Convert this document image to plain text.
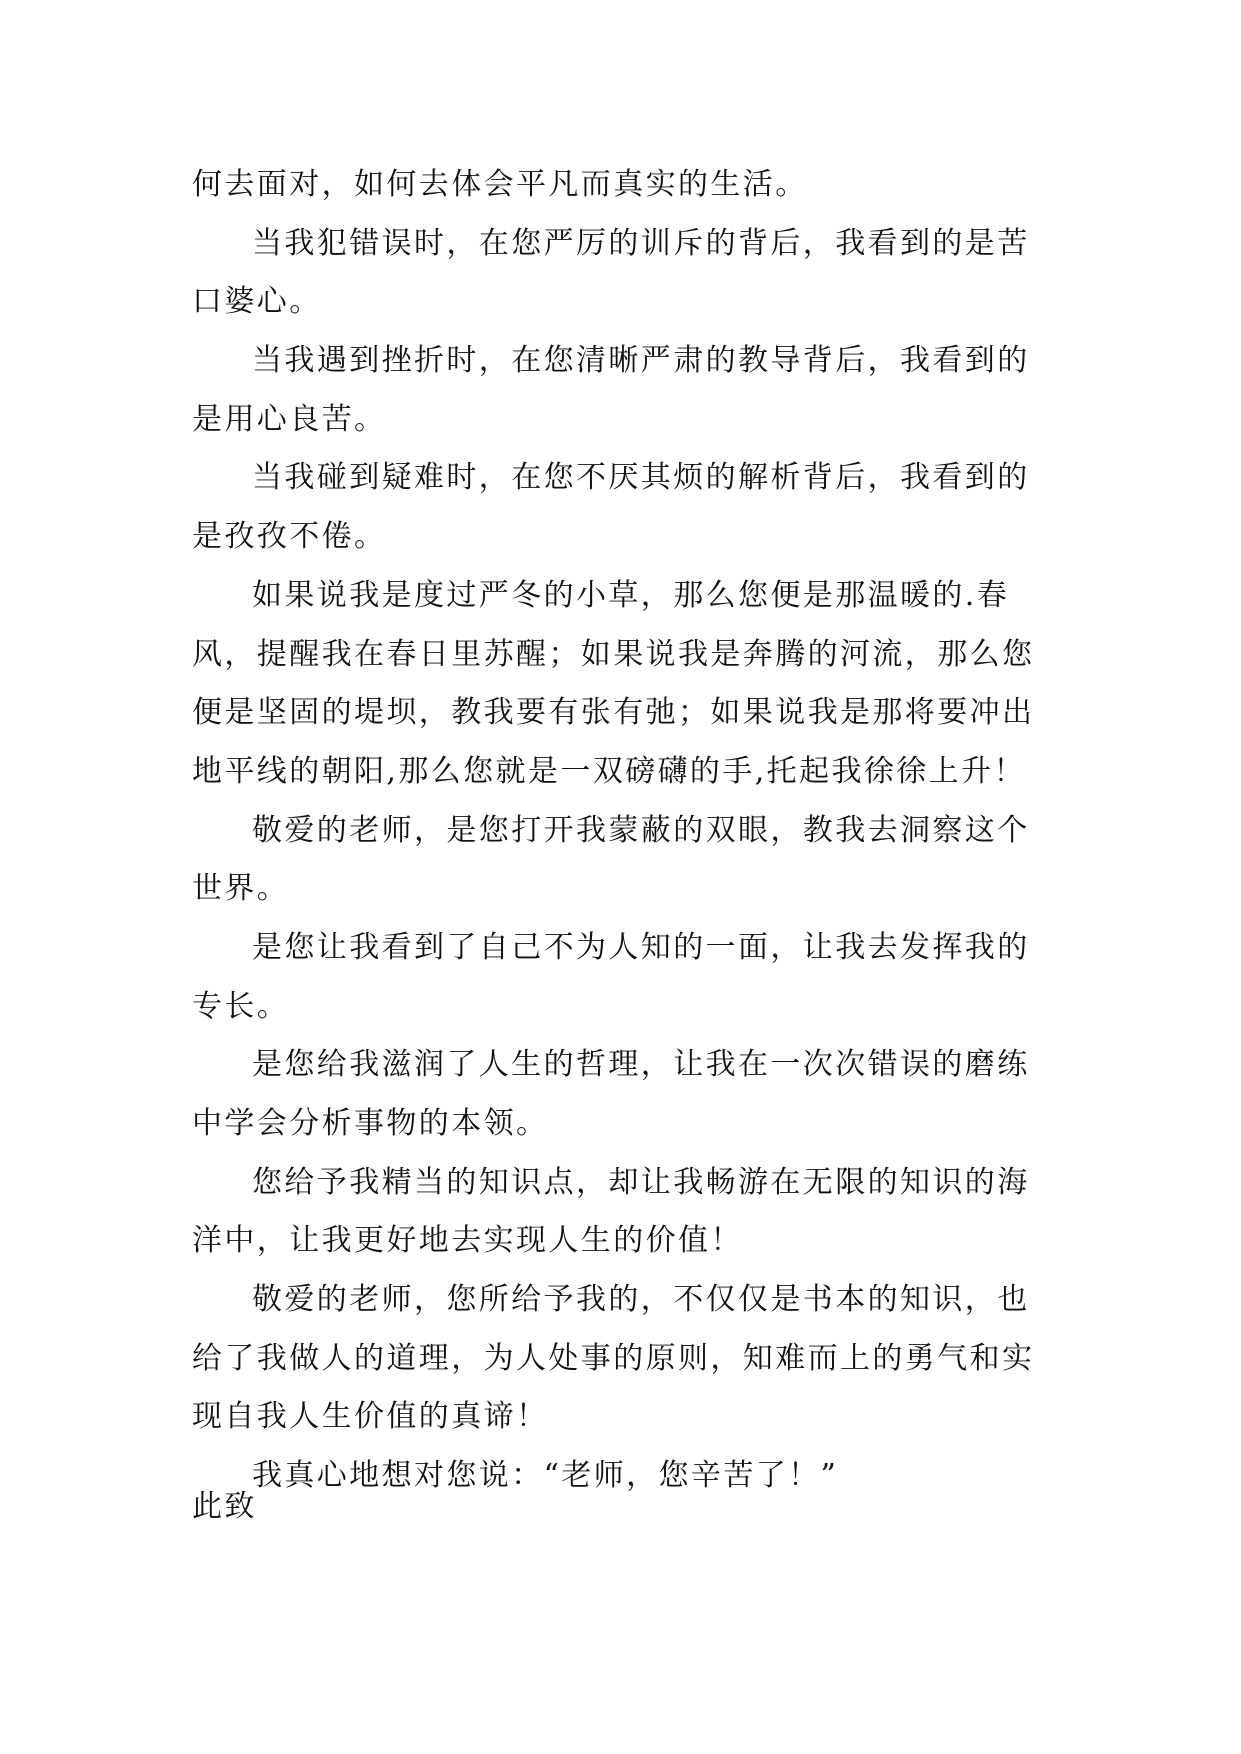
何去面对，如何去体会平凡而真实的生活。
当我犯错误时，在您严厉的训斥的背后，我看到的是苦
口婆心。
当我遇到挫折时，在您清晰严肃的教导背后，我看到的
是用心良苦。
当我碰到疑难时，在您不厌其烦的解析背后，我看到的
是孜孜不倦。
如果说我是度过严冬的小草，那么您便是那温暖的.春
风，提醒我在春日里苏醒；如果说我是奔腾的河流，那么您
便是坚固的堤坝，教我要有张有弛；如果说我是那将要冲出
地平线的朝阳,那么您就是一双磅礴的手,托起我徐徐上升！
敬爱的老师，是您打开我蒙蔽的双眼，教我去洞察这个
世界。
是您让我看到了自己不为人知的一面，让我去发挥我的
专长。
是您给我滋润了人生的哲理，让我在一次次错误的磨练
中学会分析事物的本领。
您给予我精当的知识点，却让我畅游在无限的知识的海
洋中，让我更好地去实现人生的价值！
敬爱的老师，您所给予我的，不仅仅是书本的知识，也
给了我做人的道理，为人处事的原则，知难而上的勇气和实
现自我人生价值的真谛！
我真心地想对您说：“老师，您辛苦了！”
此致
